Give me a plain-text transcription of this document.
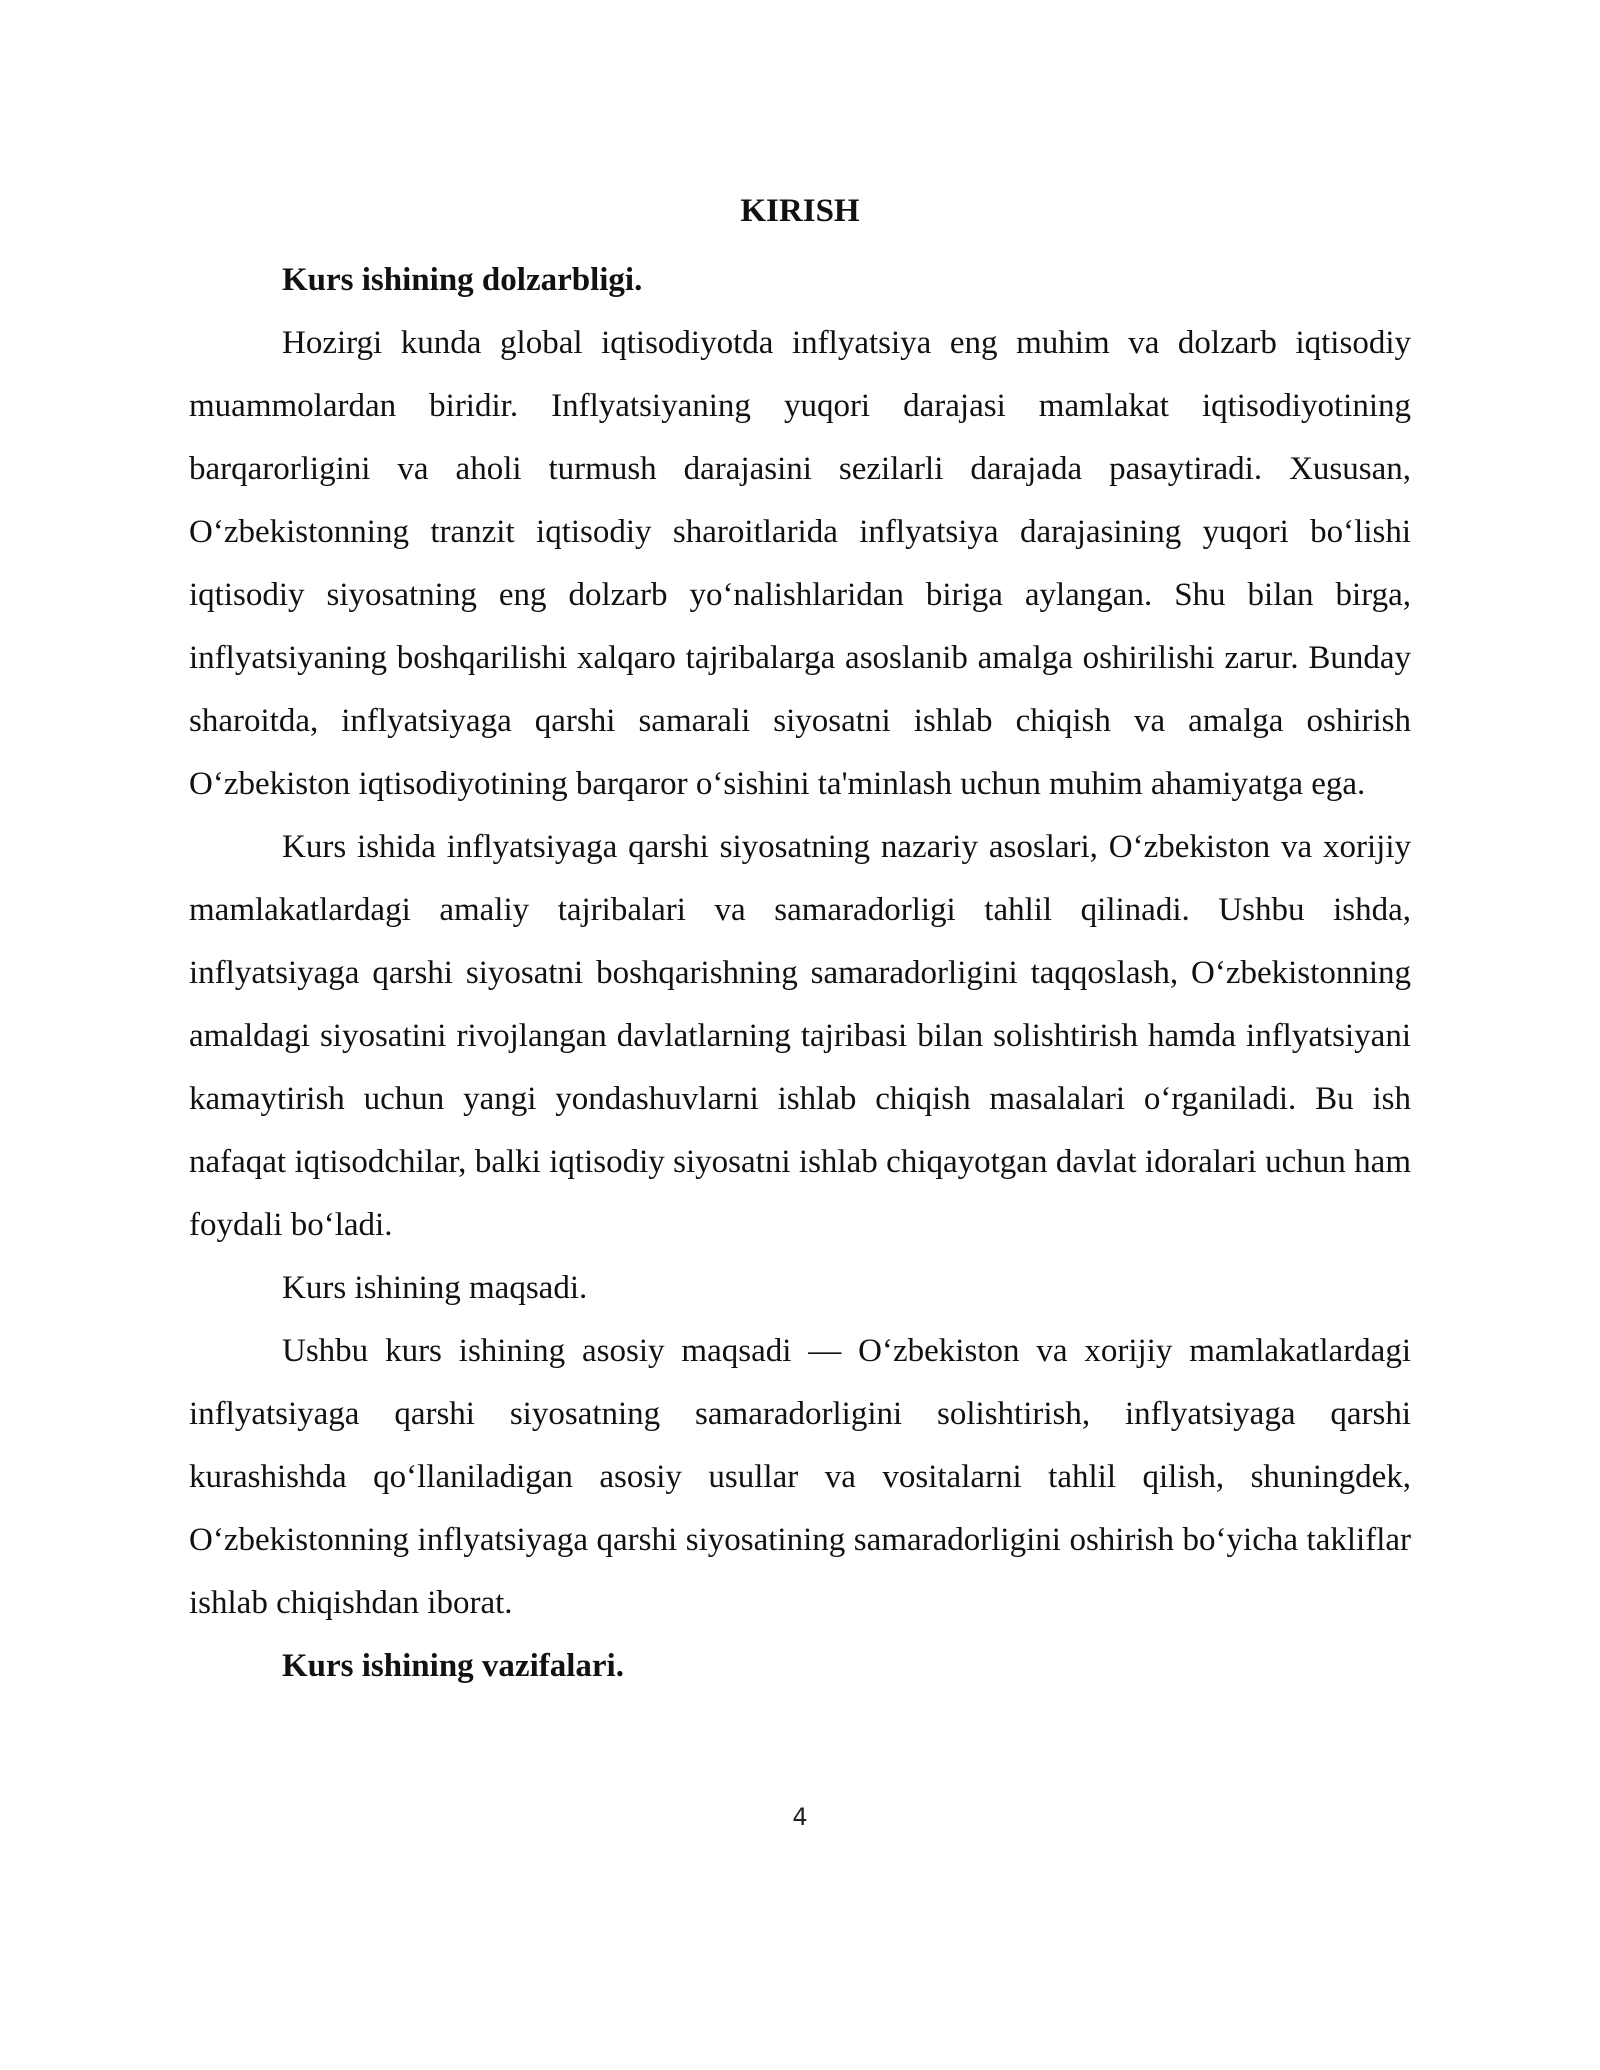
KIRISH

Kurs ishining dolzarbligi.

Hozirgi kunda global iqtisodiyotda inflyatsiya eng muhim va dolzarb iqtisodiy muammolardan biridir. Inflyatsiyaning yuqori darajasi mamlakat iqtisodiyotining barqarorligini va aholi turmush darajasini sezilarli darajada pasaytiradi. Xususan, O‘zbekistonning tranzit iqtisodiy sharoitlarida inflyatsiya darajasining yuqori bo‘lishi iqtisodiy siyosatning eng dolzarb yo‘nalishlaridan biriga aylangan. Shu bilan birga, inflyatsiyaning boshqarilishi xalqaro tajribalarga asoslanib amalga oshirilishi zarur. Bunday sharoitda, inflyatsiyaga qarshi samarali siyosatni ishlab chiqish va amalga oshirish O‘zbekiston iqtisodiyotining barqaror o‘sishini ta'minlash uchun muhim ahamiyatga ega.

Kurs ishida inflyatsiyaga qarshi siyosatning nazariy asoslari, O‘zbekiston va xorijiy mamlakatlardagi amaliy tajribalari va samaradorligi tahlil qilinadi. Ushbu ishda, inflyatsiyaga qarshi siyosatni boshqarishning samaradorligini taqqoslash, O‘zbekistonning amaldagi siyosatini rivojlangan davlatlarning tajribasi bilan solishtirish hamda inflyatsiyani kamaytirish uchun yangi yondashuvlarni ishlab chiqish masalalari o‘rganiladi. Bu ish nafaqat iqtisodchilar, balki iqtisodiy siyosatni ishlab chiqayotgan davlat idoralari uchun ham foydali bo‘ladi.

Kurs ishining maqsadi.

Ushbu kurs ishining asosiy maqsadi — O‘zbekiston va xorijiy mamlakatlardagi inflyatsiyaga qarshi siyosatning samaradorligini solishtirish, inflyatsiyaga qarshi kurashishda qo‘llaniladigan asosiy usullar va vositalarni tahlil qilish, shuningdek, O‘zbekistonning inflyatsiyaga qarshi siyosatining samaradorligini oshirish bo‘yicha takliflar ishlab chiqishdan iborat.

Kurs ishining vazifalari.

4
